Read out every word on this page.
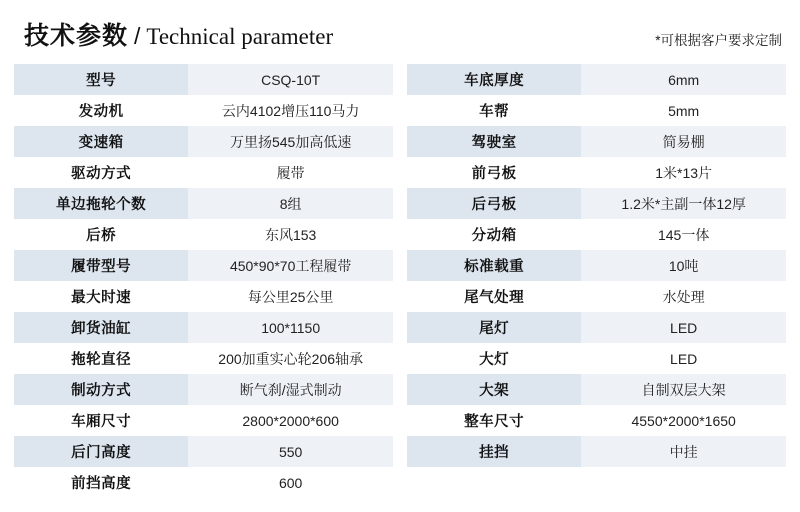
技术参数 / Technical parameter	*可根据客户要求定制
型号	CSQ-10T
发动机	云内4102增压110马力
变速箱	万里扬545加高低速
驱动方式	履带
单边拖轮个数	8组
后桥	东风153
履带型号	450*90*70工程履带
最大时速	每公里25公里
卸货油缸	100*1150
拖轮直径	200加重实心轮206轴承
制动方式	断气刹/湿式制动
车厢尺寸	2800*2000*600
后门高度	550
前挡高度	600
车底厚度	6mm
车帮	5mm
驾驶室	简易棚
前弓板	1米*13片
后弓板	1.2米*主副一体12厚
分动箱	145一体
标准载重	10吨
尾气处理	水处理
尾灯	LED
大灯	LED
大架	自制双层大架
整车尺寸	4550*2000*1650
挂挡	中挂
